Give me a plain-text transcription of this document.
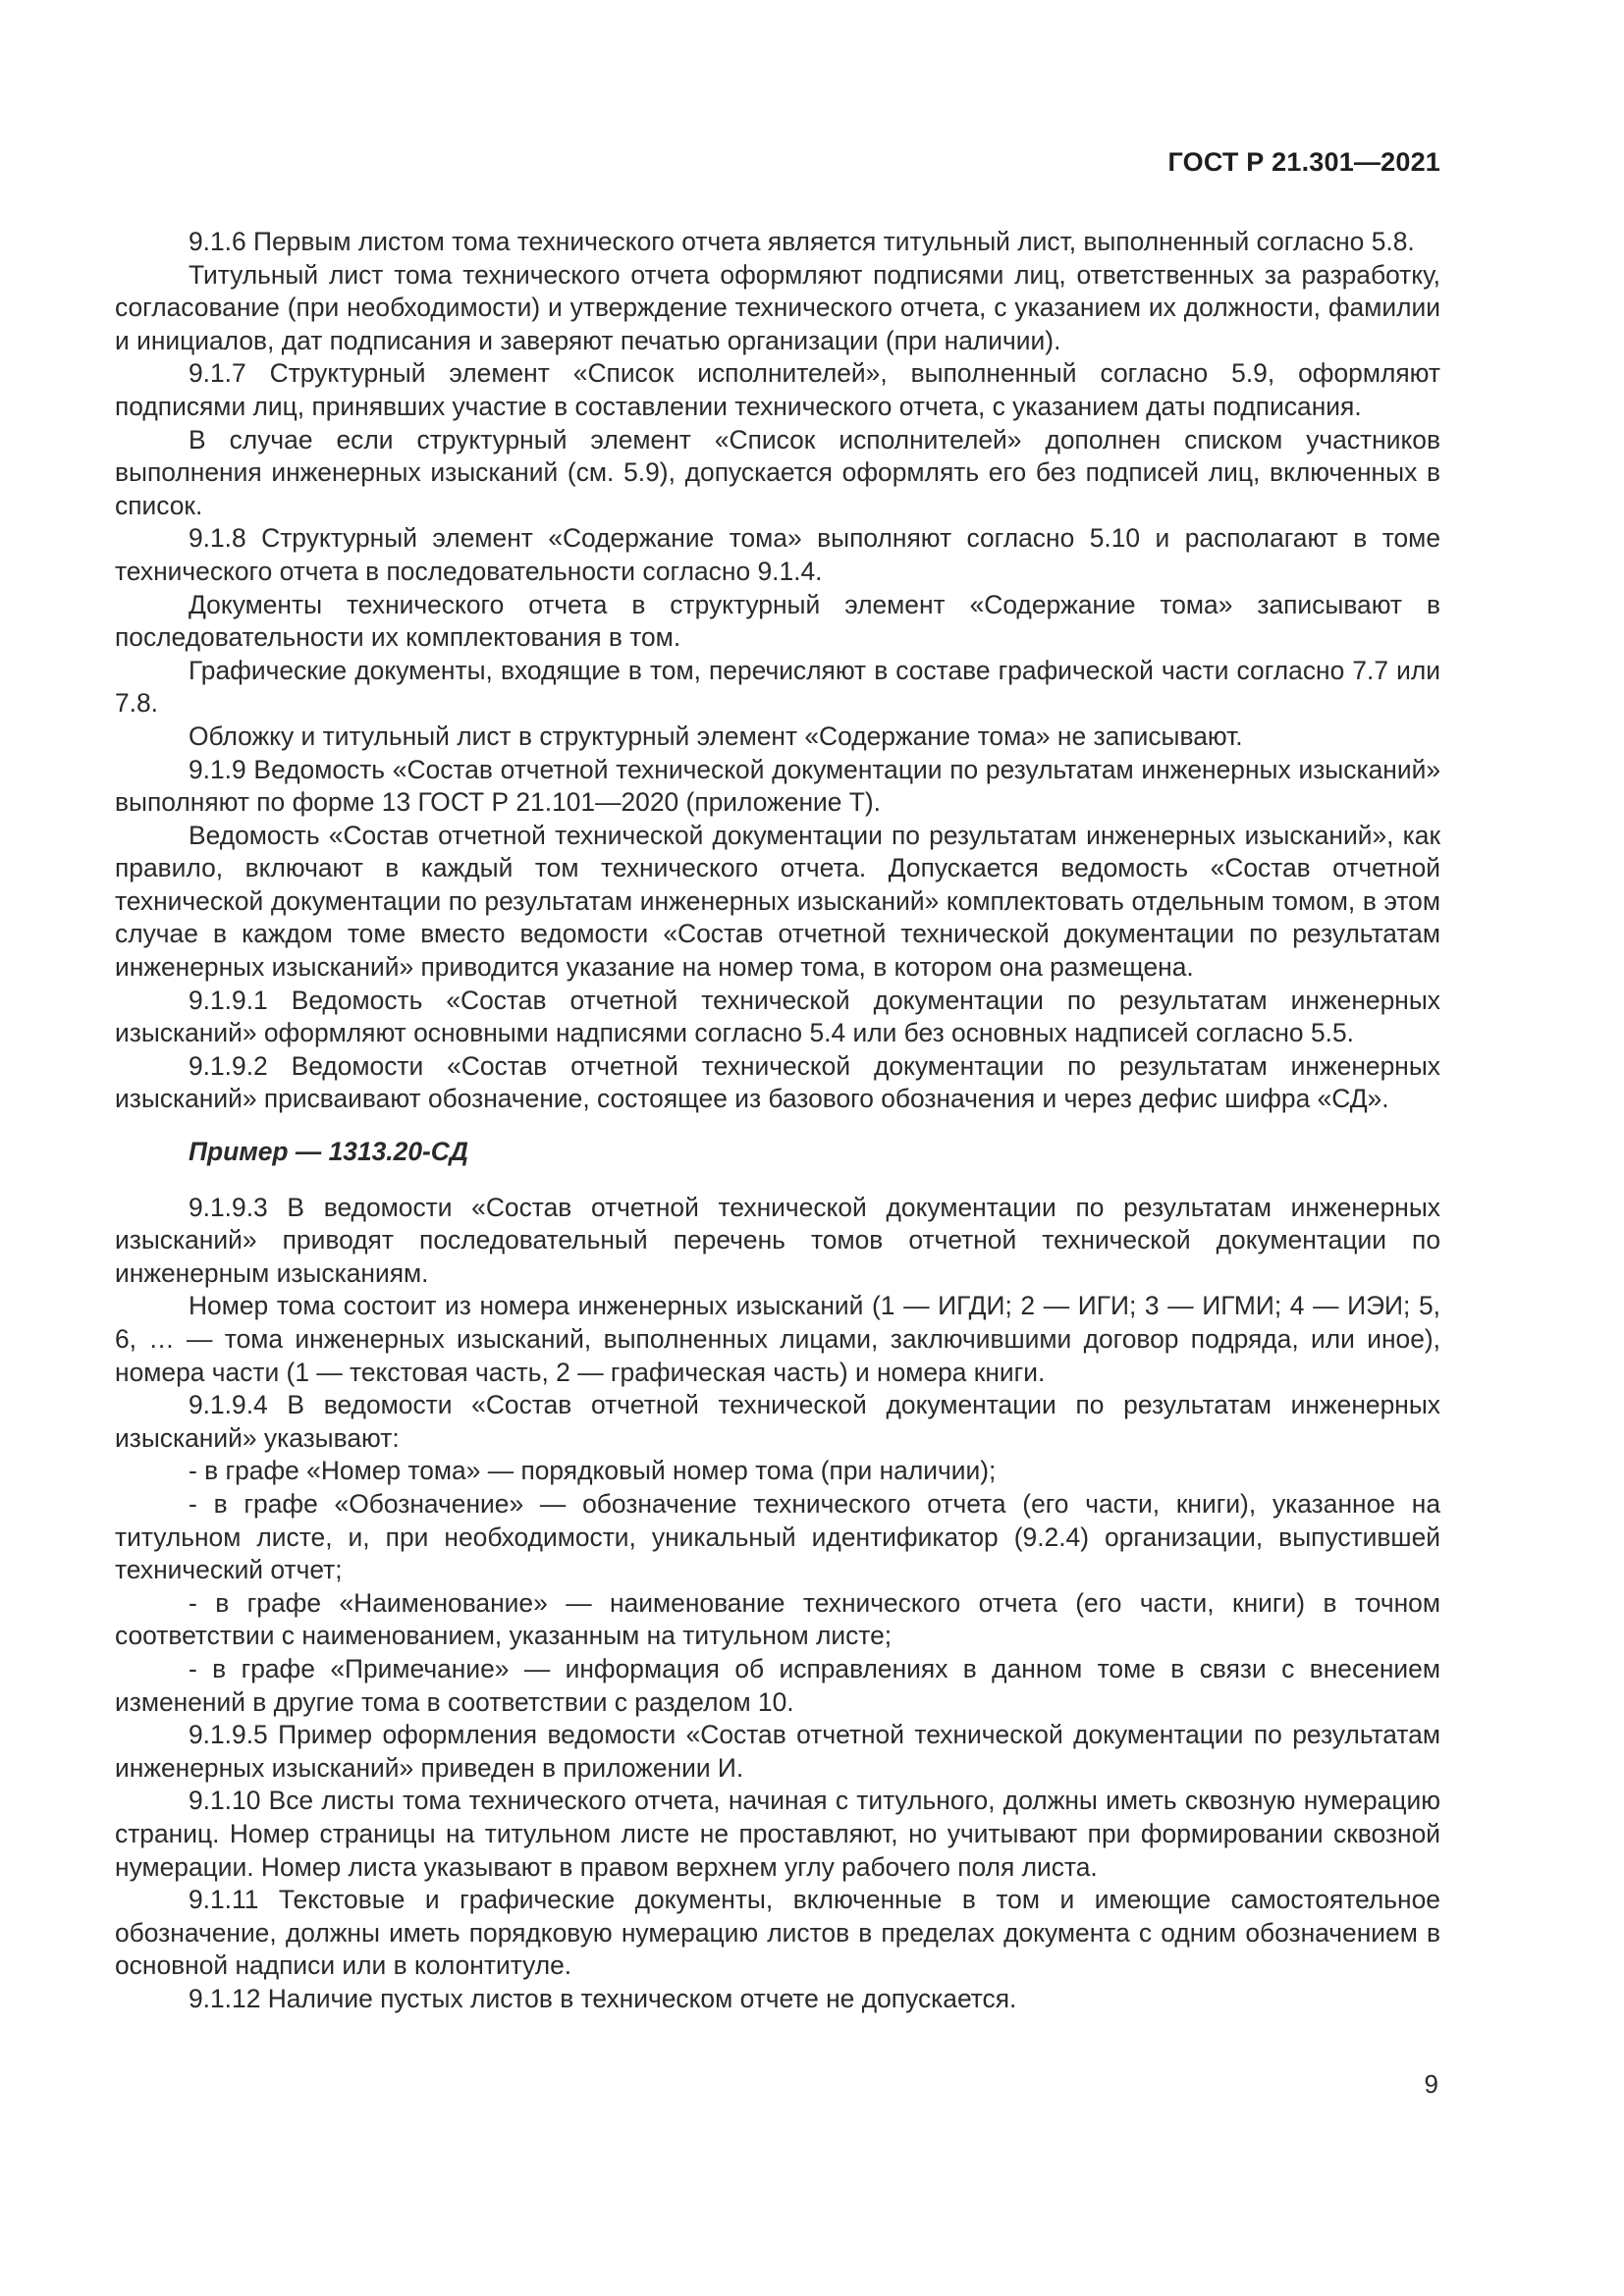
ГОСТ Р 21.301—2021

9.1.6 Первым листом тома технического отчета является титульный лист, выполненный согласно 5.8.

Титульный лист тома технического отчета оформляют подписями лиц, ответственных за разработку, согласование (при необходимости) и утверждение технического отчета, с указанием их должности, фамилии и инициалов, дат подписания и заверяют печатью организации (при наличии).

9.1.7 Структурный элемент «Список исполнителей», выполненный согласно 5.9, оформляют подписями лиц, принявших участие в составлении технического отчета, с указанием даты подписания.

В случае если структурный элемент «Список исполнителей» дополнен списком участников выполнения инженерных изысканий (см. 5.9), допускается оформлять его без подписей лиц, включенных в список.

9.1.8 Структурный элемент «Содержание тома» выполняют согласно 5.10 и располагают в томе технического отчета в последовательности согласно 9.1.4.

Документы технического отчета в структурный элемент «Содержание тома» записывают в последовательности их комплектования в том.

Графические документы, входящие в том, перечисляют в составе графической части согласно 7.7 или 7.8.

Обложку и титульный лист в структурный элемент «Содержание тома» не записывают.

9.1.9 Ведомость «Состав отчетной технической документации по результатам инженерных изысканий» выполняют по форме 13 ГОСТ Р 21.101—2020 (приложение Т).

Ведомость «Состав отчетной технической документации по результатам инженерных изысканий», как правило, включают в каждый том технического отчета. Допускается ведомость «Состав отчетной технической документации по результатам инженерных изысканий» комплектовать отдельным томом, в этом случае в каждом томе вместо ведомости «Состав отчетной технической документации по результатам инженерных изысканий» приводится указание на номер тома, в котором она размещена.

9.1.9.1 Ведомость «Состав отчетной технической документации по результатам инженерных изысканий» оформляют основными надписями согласно 5.4 или без основных надписей согласно 5.5.

9.1.9.2 Ведомости «Состав отчетной технической документации по результатам инженерных изысканий» присваивают обозначение, состоящее из базового обозначения и через дефис шифра «СД».

Пример — 1313.20-СД

9.1.9.3 В ведомости «Состав отчетной технической документации по результатам инженерных изысканий» приводят последовательный перечень томов отчетной технической документации по инженерным изысканиям.

Номер тома состоит из номера инженерных изысканий (1 — ИГДИ; 2 — ИГИ; 3 — ИГМИ; 4 — ИЭИ; 5, 6, … — тома инженерных изысканий, выполненных лицами, заключившими договор подряда, или иное), номера части (1 — текстовая часть, 2 — графическая часть) и номера книги.

9.1.9.4 В ведомости «Состав отчетной технической документации по результатам инженерных изысканий» указывают:

- в графе «Номер тома» — порядковый номер тома (при наличии);

- в графе «Обозначение» — обозначение технического отчета (его части, книги), указанное на титульном листе, и, при необходимости, уникальный идентификатор (9.2.4) организации, выпустившей технический отчет;

- в графе «Наименование» — наименование технического отчета (его части, книги) в точном соответствии с наименованием, указанным на титульном листе;

- в графе «Примечание» — информация об исправлениях в данном томе в связи с внесением изменений в другие тома в соответствии с разделом 10.

9.1.9.5 Пример оформления ведомости «Состав отчетной технической документации по результатам инженерных изысканий» приведен в приложении И.

9.1.10 Все листы тома технического отчета, начиная с титульного, должны иметь сквозную нумерацию страниц. Номер страницы на титульном листе не проставляют, но учитывают при формировании сквозной нумерации. Номер листа указывают в правом верхнем углу рабочего поля листа.

9.1.11 Текстовые и графические документы, включенные в том и имеющие самостоятельное обозначение, должны иметь порядковую нумерацию листов в пределах документа с одним обозначением в основной надписи или в колонтитуле.

9.1.12 Наличие пустых листов в техническом отчете не допускается.

9
